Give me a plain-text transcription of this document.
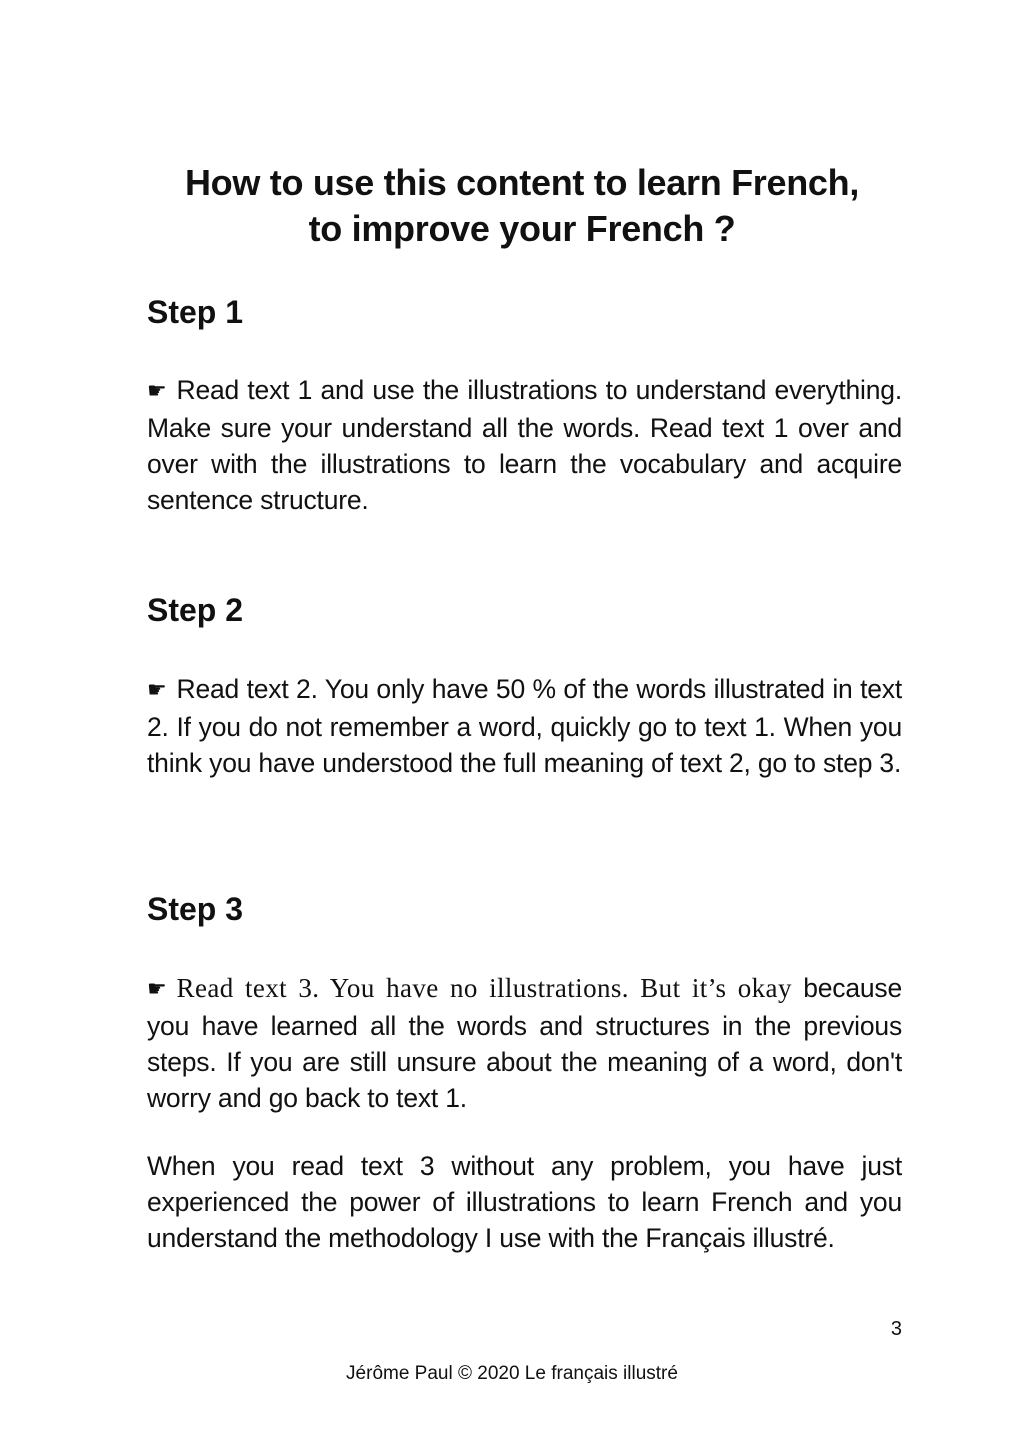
How to use this content to learn French,
to improve your French ?
Step 1

☛ Read text 1 and use the illustrations to understand everything. Make sure your understand all the words. Read text 1 over and over with the illustrations to learn the vocabulary and acquire sentence structure.

Step 2

☛ Read text 2. You only have 50 % of the words illustrated in text 2. If you do not remember a word, quickly go to text 1. When you think you have understood the full meaning of text 2, go to step 3.

Step 3

☛ Read text 3. You have no illustrations. But it’s okay because you have learned all the words and structures in the previous steps. If you are still unsure about the meaning of a word, don't worry and go back to text 1.

When you read text 3 without any problem, you have just experienced the power of illustrations to learn French and you understand the methodology I use with the Français illustré.

3
Jérôme Paul © 2020 Le français illustré
